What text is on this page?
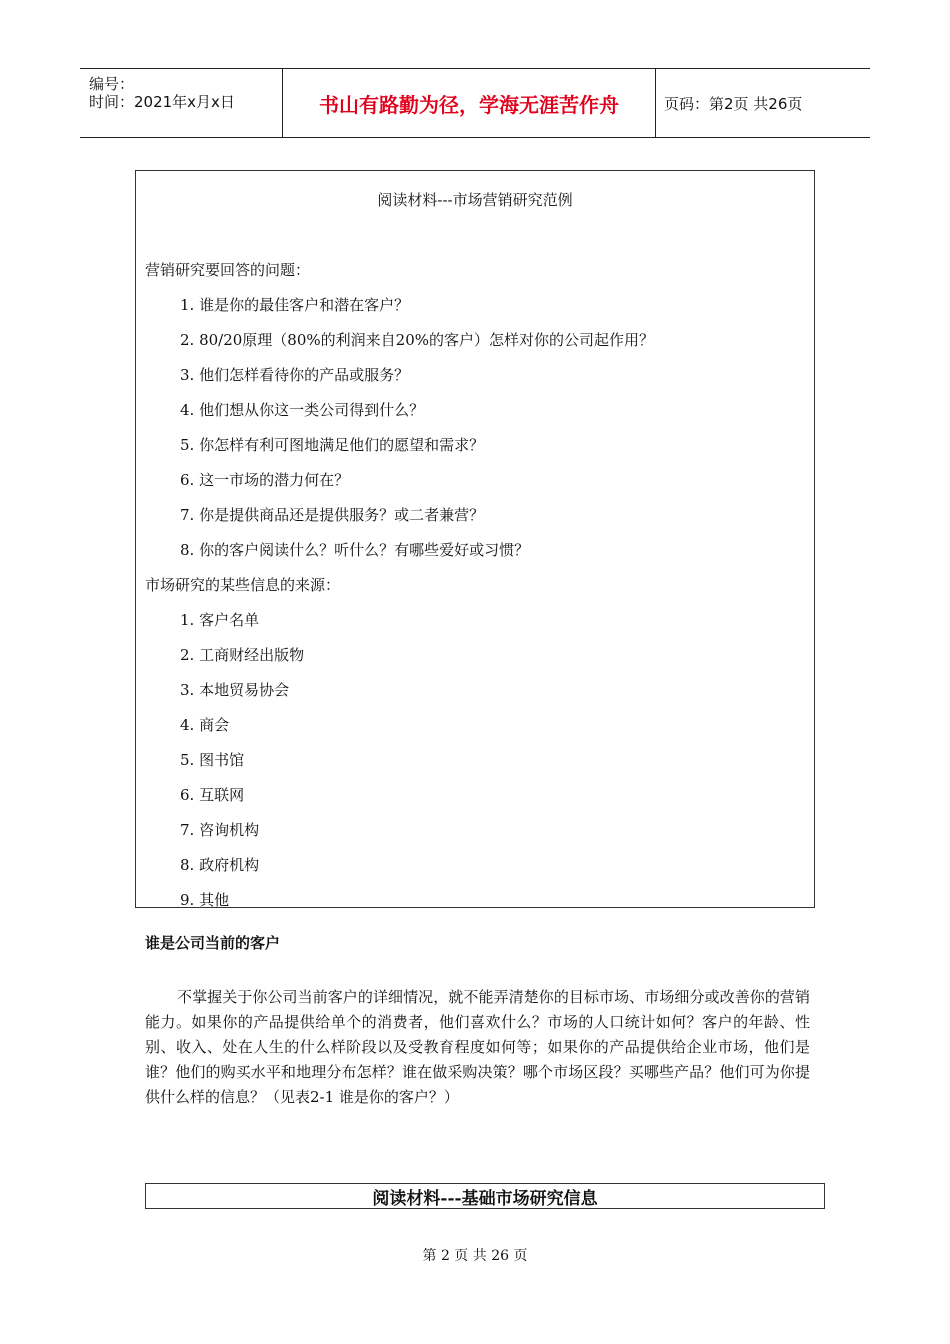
编号：
时间：2021年x月x日	书山有路勤为径，学海无涯苦作舟	页码：第2页 共26页
阅读材料---市场营销研究范例
营销研究要回答的问题：
1. 谁是你的最佳客户和潜在客户？
2. 80/20原理（80%的利润来自20%的客户）怎样对你的公司起作用？
3. 他们怎样看待你的产品或服务？
4. 他们想从你这一类公司得到什么？
5. 你怎样有利可图地满足他们的愿望和需求？
6. 这一市场的潜力何在？
7. 你是提供商品还是提供服务？或二者兼营？
8. 你的客户阅读什么？听什么？有哪些爱好或习惯？
市场研究的某些信息的来源：
1. 客户名单
2. 工商财经出版物
3. 本地贸易协会
4. 商会
5. 图书馆
6. 互联网
7. 咨询机构
8. 政府机构
9. 其他
谁是公司当前的客户
不掌握关于你公司当前客户的详细情况，就不能弄清楚你的目标市场、市场细分或改善你的营销能力。如果你的产品提供给单个的消费者，他们喜欢什么？市场的人口统计如何？客户的年龄、性别、收入、处在人生的什么样阶段以及受教育程度如何等；如果你的产品提供给企业市场，他们是谁？他们的购买水平和地理分布怎样？谁在做采购决策？哪个市场区段？买哪些产品？他们可为你提供什么样的信息？（见表2-1 谁是你的客户？）
阅读材料---基础市场研究信息
第 2 页 共 26 页
